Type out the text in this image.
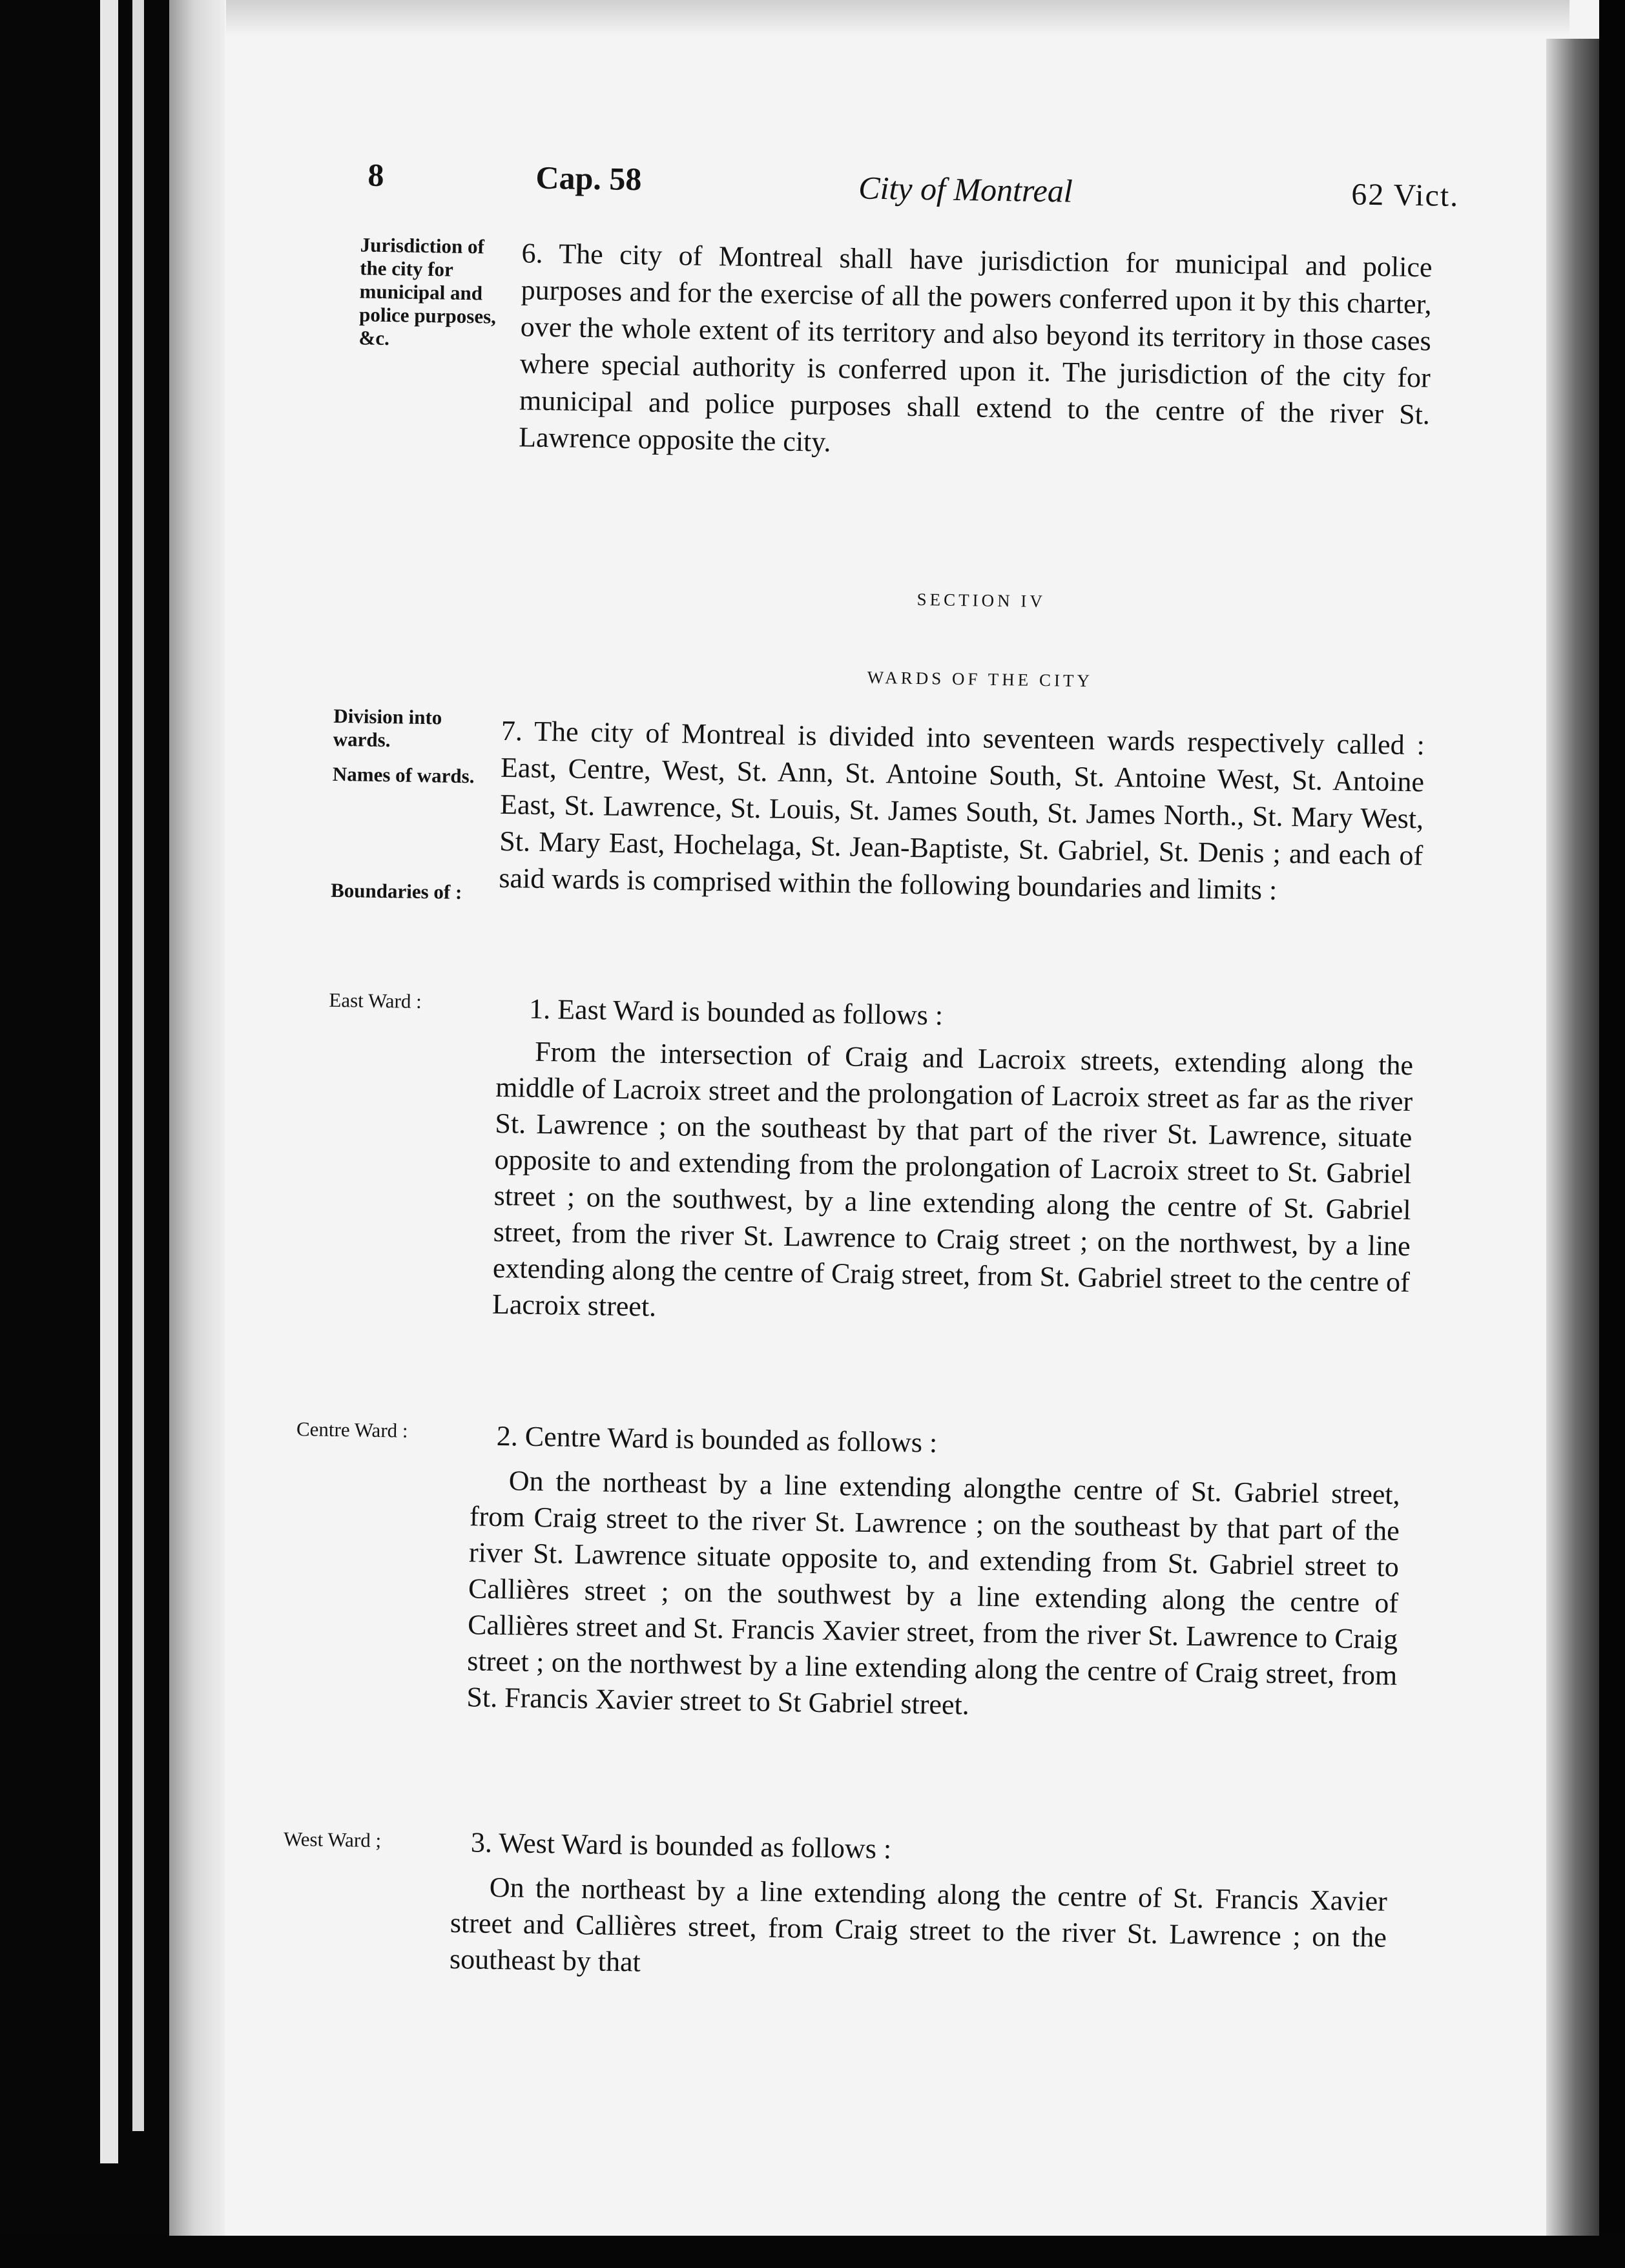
8	Cap. 58	City of Montreal	62 Vict.
Jurisdiction of the city for municipal and police purposes, &c.
6. The city of Montreal shall have jurisdiction for municipal and police purposes and for the exercise of all the powers conferred upon it by this charter, over the whole extent of its territory and also beyond its territory in those cases where special authority is conferred upon it. The jurisdiction of the city for municipal and police purposes shall extend to the centre of the river St. Lawrence opposite the city.
SECTION IV
WARDS OF THE CITY
Division into wards.
Names of wards.
Boundaries of :
7. The city of Montreal is divided into seventeen wards respectively called : East, Centre, West, St. Ann, St. Antoine South, St. Antoine West, St. Antoine East, St. Lawrence, St. Louis, St. James South, St. James North., St. Mary West, St. Mary East, Hochelaga, St. Jean-Baptiste, St. Gabriel, St. Denis ; and each of said wards is comprised within the following boundaries and limits :
East Ward :	1. East Ward is bounded as follows :
From the intersection of Craig and Lacroix streets, extending along the middle of Lacroix street and the prolongation of Lacroix street as far as the river St. Lawrence ; on the southeast by that part of the river St. Lawrence, situate opposite to and extending from the prolongation of Lacroix street to St. Gabriel street ; on the southwest, by a line extending along the centre of St. Gabriel street, from the river St. Lawrence to Craig street ; on the northwest, by a line extending along the centre of Craig street, from St. Gabriel street to the centre of Lacroix street.
Centre Ward :	2. Centre Ward is bounded as follows :
On the northeast by a line extending alongthe centre of St. Gabriel street, from Craig street to the river St. Lawrence ; on the southeast by that part of the river St. Lawrence situate opposite to, and extending from St. Gabriel street to Callières street ; on the southwest by a line extending along the centre of Callières street and St. Francis Xavier street, from the river St. Lawrence to Craig street ; on the northwest by a line extending along the centre of Craig street, from St. Francis Xavier street to St Gabriel street.
West Ward ;	3. West Ward is bounded as follows :
On the northeast by a line extending along the centre of St. Francis Xavier street and Callières street, from Craig street to the river St. Lawrence ; on the southeast by that
